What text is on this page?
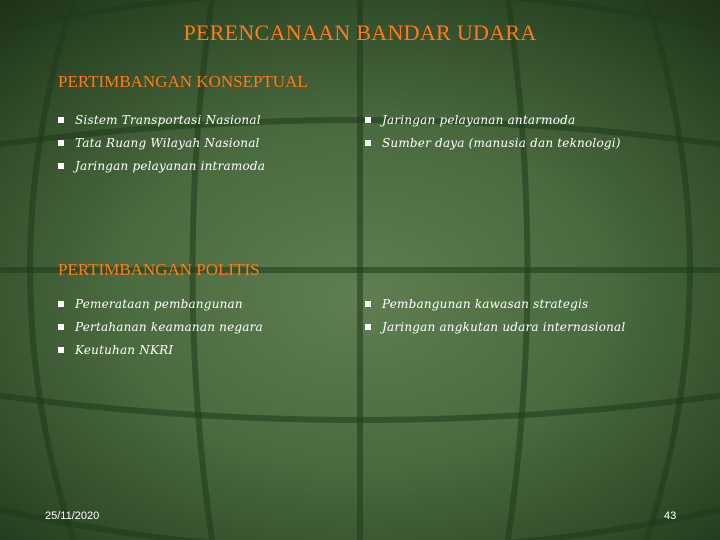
PERENCANAAN BANDAR UDARA
PERTIMBANGAN KONSEPTUAL
Sistem Transportasi Nasional
Tata Ruang Wilayah Nasional
Jaringan pelayanan intramoda
Jaringan pelayanan antarmoda
Sumber daya (manusia dan teknologi)
PERTIMBANGAN POLITIS
Pemerataan pembangunan
Pertahanan keamanan negara
Keutuhan NKRI
Pembangunan kawasan strategis
Jaringan angkutan udara internasional
25/11/2020	43
